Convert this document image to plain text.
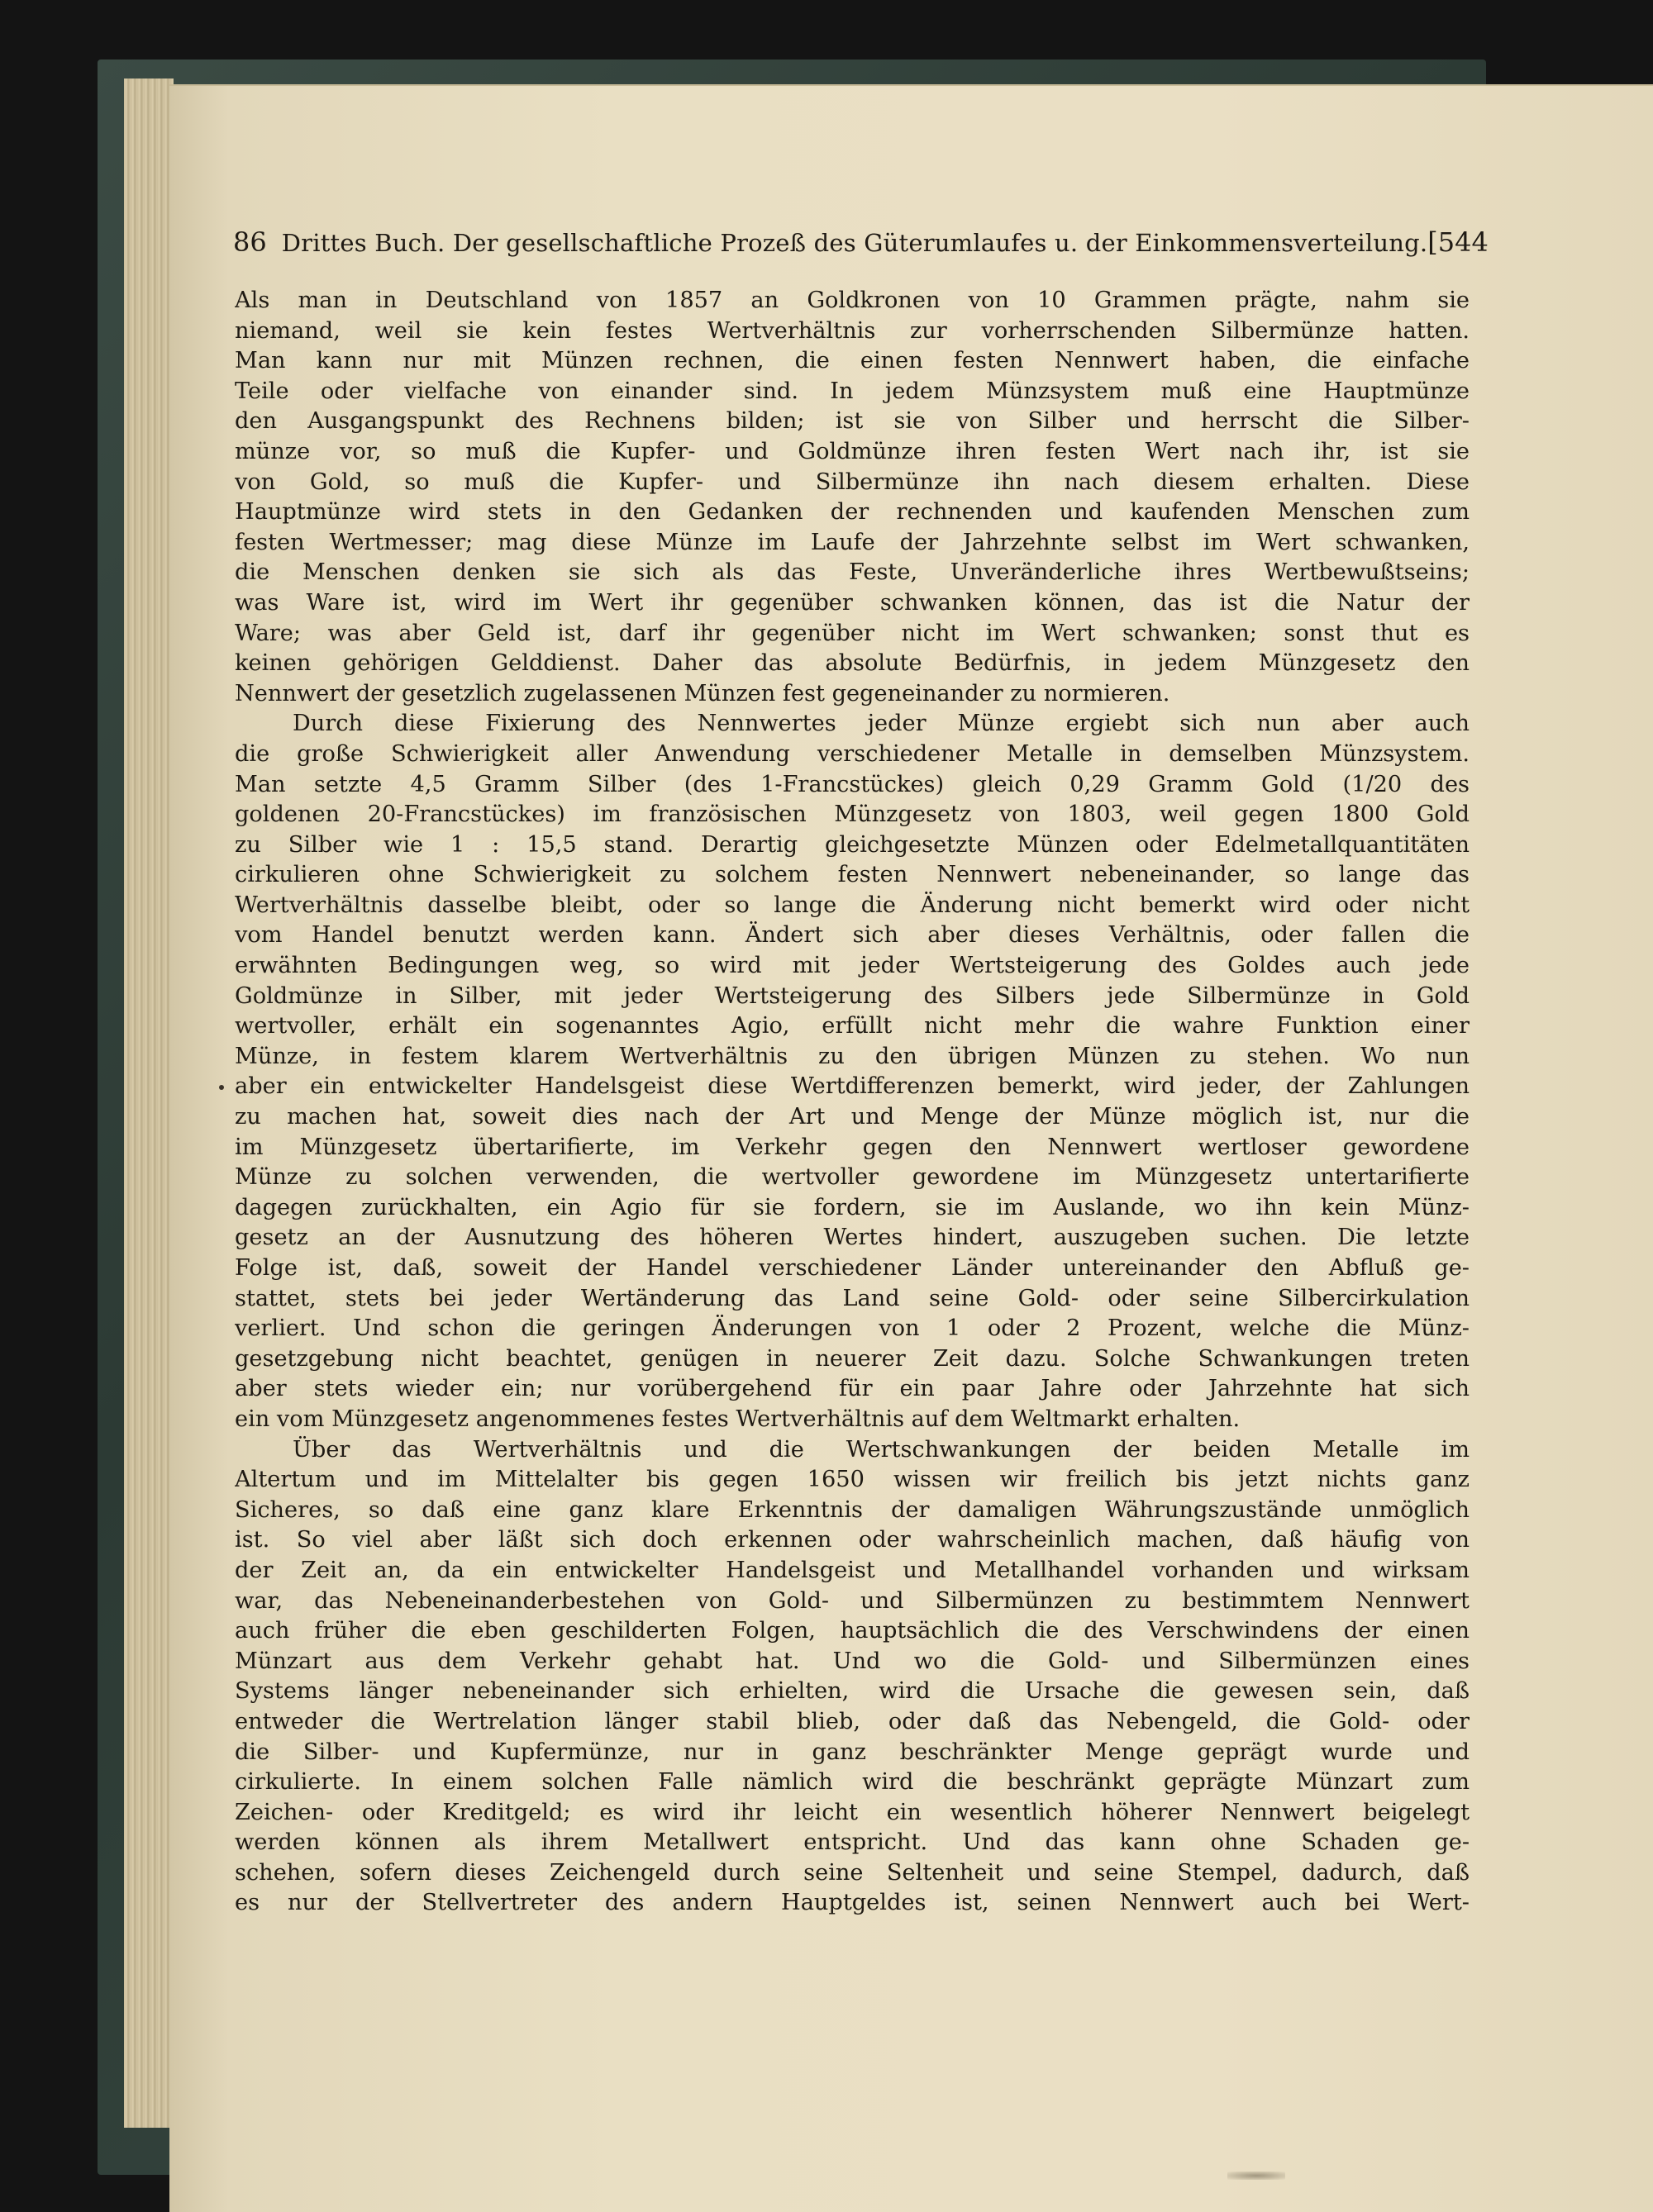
86 Drittes Buch. Der gesellschaftliche Prozeß des Güterumlaufes u. der Einkommensverteilung. [544
Als man in Deutschland von 1857 an Goldkronen von 10 Grammen prägte, nahm sie
niemand, weil sie kein festes Wertverhältnis zur vorherrschenden Silbermünze hatten.
Man kann nur mit Münzen rechnen, die einen festen Nennwert haben, die einfache
Teile oder vielfache von einander sind. In jedem Münzsystem muß eine Hauptmünze
den Ausgangspunkt des Rechnens bilden; ist sie von Silber und herrscht die Silber-
münze vor, so muß die Kupfer- und Goldmünze ihren festen Wert nach ihr, ist sie
von Gold, so muß die Kupfer- und Silbermünze ihn nach diesem erhalten. Diese
Hauptmünze wird stets in den Gedanken der rechnenden und kaufenden Menschen zum
festen Wertmesser; mag diese Münze im Laufe der Jahrzehnte selbst im Wert schwanken,
die Menschen denken sie sich als das Feste, Unveränderliche ihres Wertbewußtseins;
was Ware ist, wird im Wert ihr gegenüber schwanken können, das ist die Natur der
Ware; was aber Geld ist, darf ihr gegenüber nicht im Wert schwanken; sonst thut es
keinen gehörigen Gelddienst. Daher das absolute Bedürfnis, in jedem Münzgesetz den
Nennwert der gesetzlich zugelassenen Münzen fest gegeneinander zu normieren.
Durch diese Fixierung des Nennwertes jeder Münze ergiebt sich nun aber auch
die große Schwierigkeit aller Anwendung verschiedener Metalle in demselben Münzsystem.
Man setzte 4,5 Gramm Silber (des 1-Francstückes) gleich 0,29 Gramm Gold (1/20 des
goldenen 20-Francstückes) im französischen Münzgesetz von 1803, weil gegen 1800 Gold
zu Silber wie 1 : 15,5 stand. Derartig gleichgesetzte Münzen oder Edelmetallquantitäten
cirkulieren ohne Schwierigkeit zu solchem festen Nennwert nebeneinander, so lange das
Wertverhältnis dasselbe bleibt, oder so lange die Änderung nicht bemerkt wird oder nicht
vom Handel benutzt werden kann. Ändert sich aber dieses Verhältnis, oder fallen die
erwähnten Bedingungen weg, so wird mit jeder Wertsteigerung des Goldes auch jede
Goldmünze in Silber, mit jeder Wertsteigerung des Silbers jede Silbermünze in Gold
wertvoller, erhält ein sogenanntes Agio, erfüllt nicht mehr die wahre Funktion einer
Münze, in festem klarem Wertverhältnis zu den übrigen Münzen zu stehen. Wo nun
aber ein entwickelter Handelsgeist diese Wertdifferenzen bemerkt, wird jeder, der Zahlungen
zu machen hat, soweit dies nach der Art und Menge der Münze möglich ist, nur die
im Münzgesetz übertarifierte, im Verkehr gegen den Nennwert wertloser gewordene
Münze zu solchen verwenden, die wertvoller gewordene im Münzgesetz untertarifierte
dagegen zurückhalten, ein Agio für sie fordern, sie im Auslande, wo ihn kein Münz-
gesetz an der Ausnutzung des höheren Wertes hindert, auszugeben suchen. Die letzte
Folge ist, daß, soweit der Handel verschiedener Länder untereinander den Abfluß ge-
stattet, stets bei jeder Wertänderung das Land seine Gold- oder seine Silbercirkulation
verliert. Und schon die geringen Änderungen von 1 oder 2 Prozent, welche die Münz-
gesetzgebung nicht beachtet, genügen in neuerer Zeit dazu. Solche Schwankungen treten
aber stets wieder ein; nur vorübergehend für ein paar Jahre oder Jahrzehnte hat sich
ein vom Münzgesetz angenommenes festes Wertverhältnis auf dem Weltmarkt erhalten.
Über das Wertverhältnis und die Wertschwankungen der beiden Metalle im
Altertum und im Mittelalter bis gegen 1650 wissen wir freilich bis jetzt nichts ganz
Sicheres, so daß eine ganz klare Erkenntnis der damaligen Währungszustände unmöglich
ist. So viel aber läßt sich doch erkennen oder wahrscheinlich machen, daß häufig von
der Zeit an, da ein entwickelter Handelsgeist und Metallhandel vorhanden und wirksam
war, das Nebeneinanderbestehen von Gold- und Silbermünzen zu bestimmtem Nennwert
auch früher die eben geschilderten Folgen, hauptsächlich die des Verschwindens der einen
Münzart aus dem Verkehr gehabt hat. Und wo die Gold- und Silbermünzen eines
Systems länger nebeneinander sich erhielten, wird die Ursache die gewesen sein, daß
entweder die Wertrelation länger stabil blieb, oder daß das Nebengeld, die Gold- oder
die Silber- und Kupfermünze, nur in ganz beschränkter Menge geprägt wurde und
cirkulierte. In einem solchen Falle nämlich wird die beschränkt geprägte Münzart zum
Zeichen- oder Kreditgeld; es wird ihr leicht ein wesentlich höherer Nennwert beigelegt
werden können als ihrem Metallwert entspricht. Und das kann ohne Schaden ge-
schehen, sofern dieses Zeichengeld durch seine Seltenheit und seine Stempel, dadurch, daß
es nur der Stellvertreter des andern Hauptgeldes ist, seinen Nennwert auch bei Wert-
